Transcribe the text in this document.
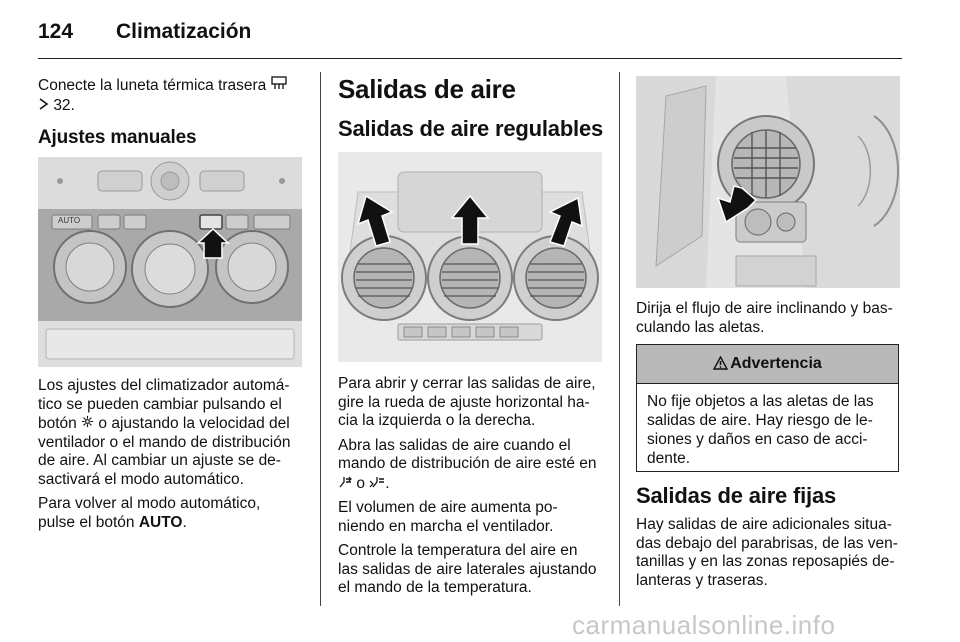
124 Climatización

Conecte la luneta térmica trasera
32.

Ajustes manuales
AUTO

Los ajustes del climatizador automá-
tico se pueden cambiar pulsando el
botón o ajustando la velocidad del
ventilador o el mando de distribución
de aire. Al cambiar un ajuste se de-
sactivará el modo automático.

Para volver al modo automático,
pulse el botón AUTO.

Salidas de aire
Salidas de aire regulables

Para abrir y cerrar las salidas de aire,
gire la rueda de ajuste horizontal ha-
cia la izquierda o la derecha.

Abra las salidas de aire cuando el
mando de distribución de aire esté en
o .

El volumen de aire aumenta po-
niendo en marcha el ventilador.

Controle la temperatura del aire en
las salidas de aire laterales ajustando
el mando de la temperatura.

Dirija el flujo de aire inclinando y bas-
culando las aletas.

Advertencia
No fije objetos a las aletas de las
salidas de aire. Hay riesgo de le-
siones y daños en caso de acci-
dente.
Salidas de aire fijas

Hay salidas de aire adicionales situa-
das debajo del parabrisas, de las ven-
tanillas y en las zonas reposapiés de-
lanteras y traseras.

carmanualsonline.info
